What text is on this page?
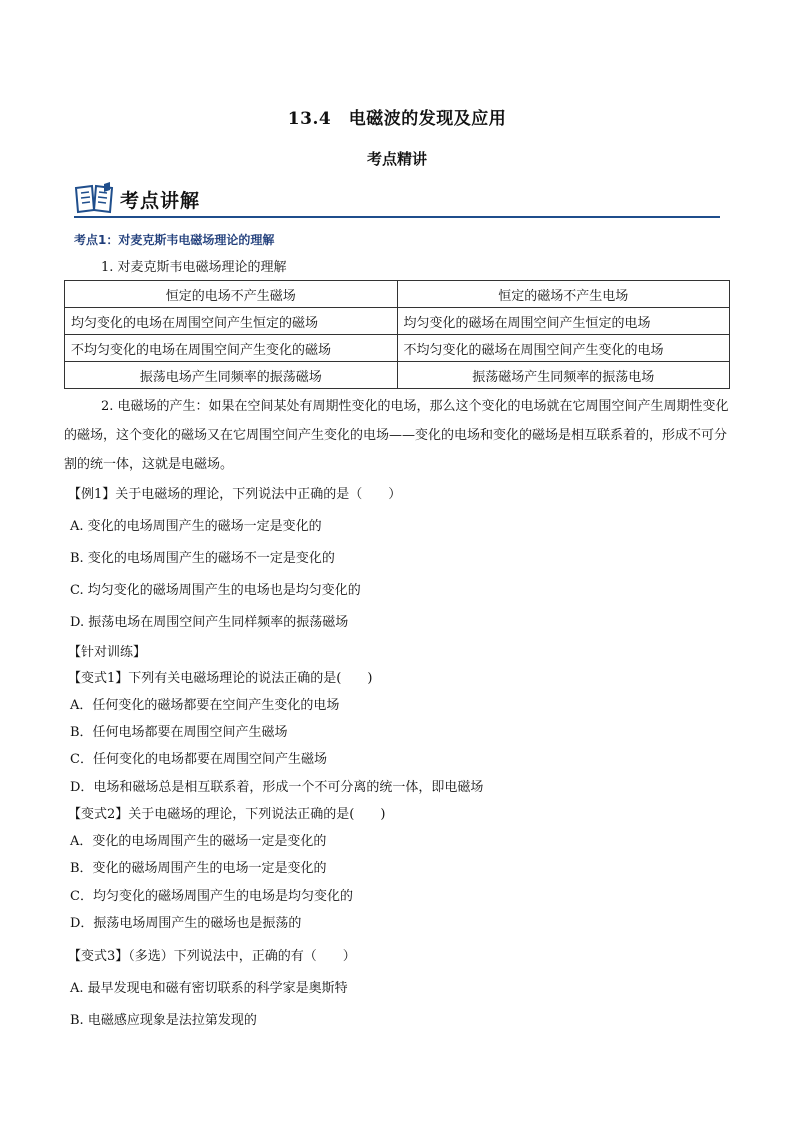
13.4　电磁波的发现及应用
考点精讲
考点讲解
考点1：对麦克斯韦电磁场理论的理解
1. 对麦克斯韦电磁场理论的理解
恒定的电场不产生磁场	恒定的磁场不产生电场
均匀变化的电场在周围空间产生恒定的磁场	均匀变化的磁场在周围空间产生恒定的电场
不均匀变化的电场在周围空间产生变化的磁场	不均匀变化的磁场在周围空间产生变化的电场
振荡电场产生同频率的振荡磁场	振荡磁场产生同频率的振荡电场
2. 电磁场的产生：如果在空间某处有周期性变化的电场，那么这个变化的电场就在它周围空间产生周期性变化的磁场，这个变化的磁场又在它周围空间产生变化的电场——变化的电场和变化的磁场是相互联系着的，形成不可分割的统一体，这就是电磁场。
【例1】关于电磁场的理论，下列说法中正确的是（　　）
A. 变化的电场周围产生的磁场一定是变化的
B. 变化的电场周围产生的磁场不一定是变化的
C. 均匀变化的磁场周围产生的电场也是均匀变化的
D. 振荡电场在周围空间产生同样频率的振荡磁场
【针对训练】
【变式1】下列有关电磁场理论的说法正确的是(　　)
A．任何变化的磁场都要在空间产生变化的电场
B．任何电场都要在周围空间产生磁场
C．任何变化的电场都要在周围空间产生磁场
D．电场和磁场总是相互联系着，形成一个不可分离的统一体，即电磁场
【变式2】关于电磁场的理论，下列说法正确的是(　　)
A．变化的电场周围产生的磁场一定是变化的
B．变化的磁场周围产生的电场一定是变化的
C．均匀变化的磁场周围产生的电场是均匀变化的
D．振荡电场周围产生的磁场也是振荡的
【变式3】（多选）下列说法中，正确的有（　　）
A. 最早发现电和磁有密切联系的科学家是奥斯特
B. 电磁感应现象是法拉第发现的
